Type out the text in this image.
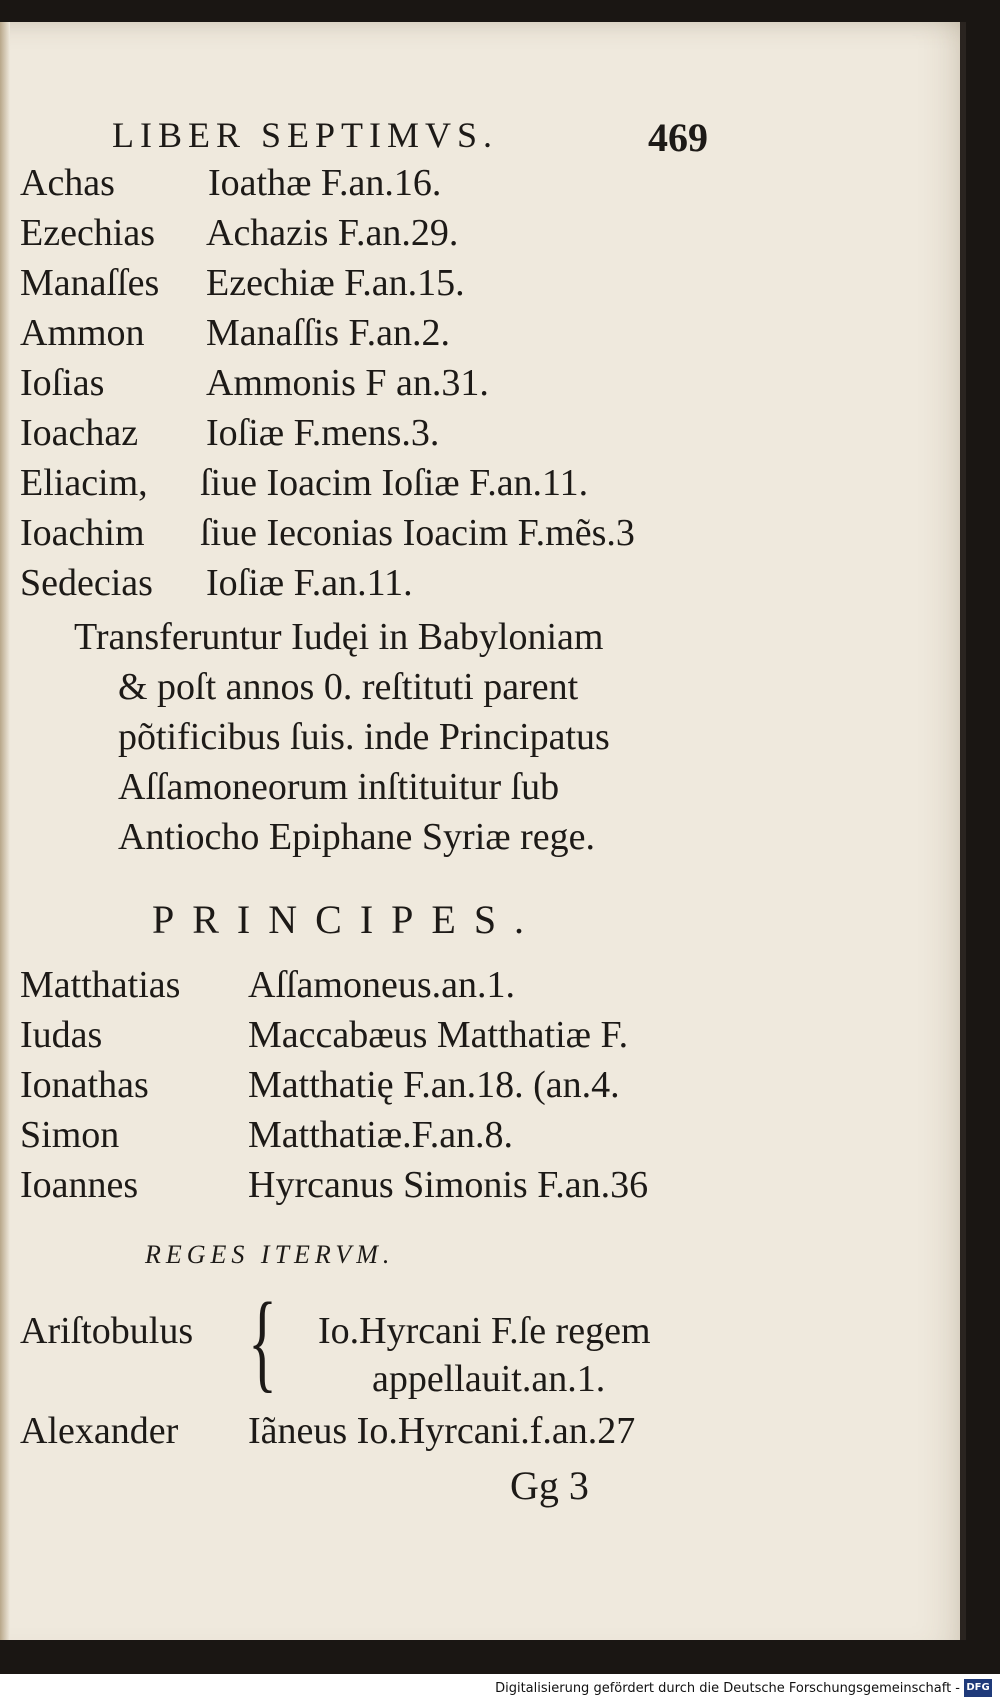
LIBER SEPTIMVS.	469
Achas Ioathæ F.an.16.
Ezechias Achazis F.an.29.
Manaſſes Ezechiæ F.an.15.
Ammon Manaſſis F.an.2.
Ioſias	Ammonis F an.31.
Ioachaz Ioſiæ F.mens.3.
Eliacim, ſiue Ioacim Ioſiæ F.an.11.
Ioachim ſiue Ieconias Ioacim F.mẽs.3
Sedecias Ioſiæ F.an.11.
Transferuntur Iudęi in Babyloniam
& poſt annos 0. reſtituti parent
põtificibus ſuis. inde Principatus
Aſſamoneorum inſtituitur ſub
Antiocho Epiphane Syriæ rege.
PRINCIPES.
Matthatias Aſſamoneus.an.1.
Iudas	Maccabæus Matthatiæ F.
Ionathas	Matthatię F.an.18. (an.4.
Simon	Matthatiæ.F.an.8.
Ioannes	Hyrcanus Simonis F.an.36
REGES ITERVM.
Ariſtobulus { Io.Hyrcani F.ſe regem
appellauit.an.1.
Alexander Iãneus Io.Hyrcani.f.an.27
Gg 3
Digitalisierung gefördert durch die Deutsche Forschungsgemeinschaft - DFG
